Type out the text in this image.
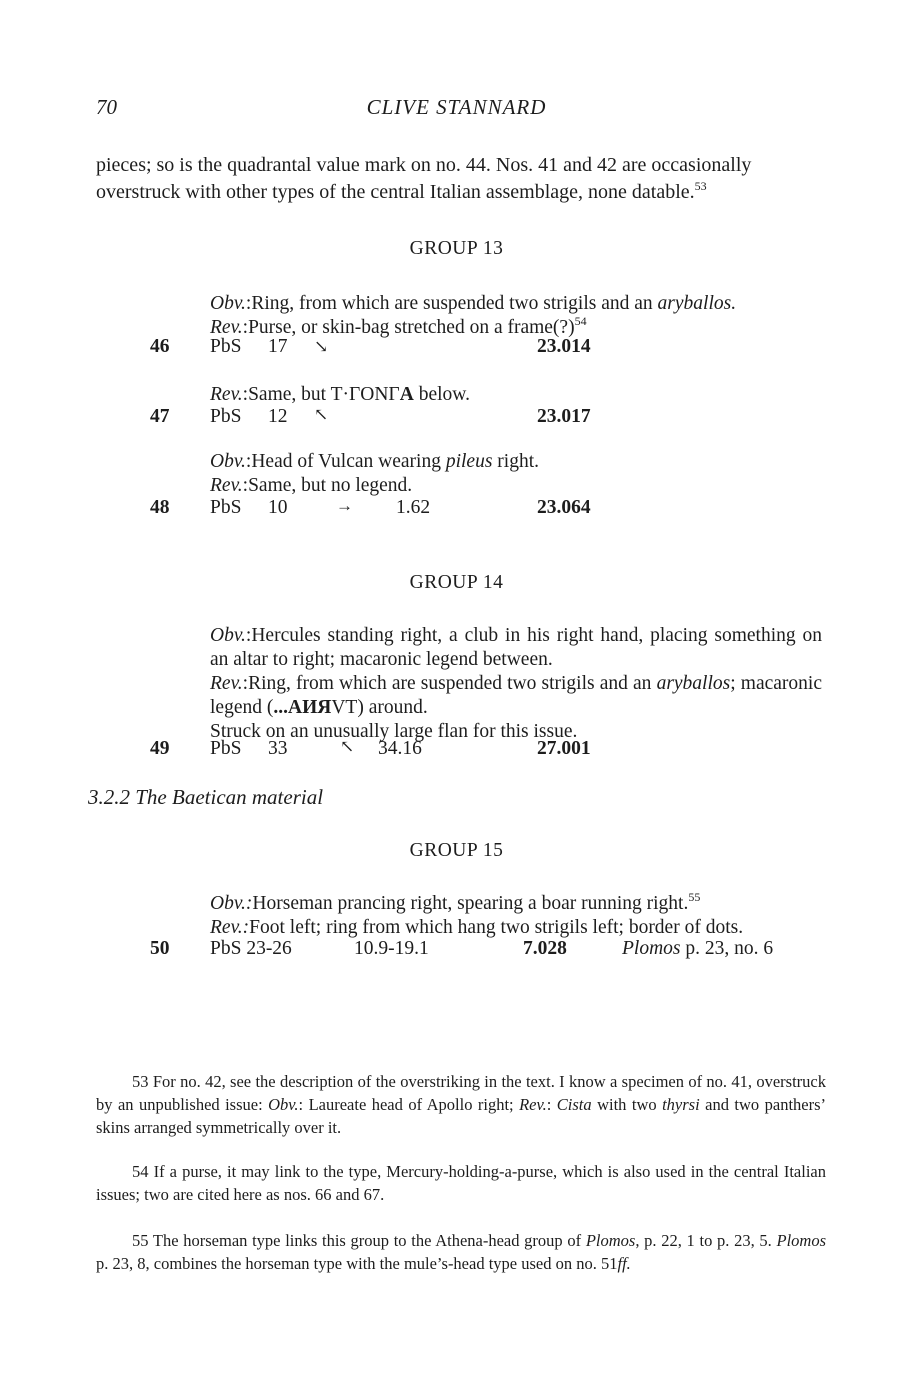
70	CLIVE STANNARD
pieces; so is the quadrantal value mark on no. 44. Nos. 41 and 42 are occasionally
overstruck with other types of the central Italian assemblage, none datable.$^{53}$
GROUP 13
Obv.:Ring, from which are suspended two strigils and an aryballos.
Rev.:Purse, or skin-bag stretched on a frame(?)$^{54}$
46 PbS 17 ↘	23.014
Rev.:Same, but T·ΓΟΝΓA below.
47 PbS 12 ↖	23.017
Obv.:Head of Vulcan wearing pileus right.
Rev.:Same, but no legend.
48 PbS 10	→ 1.62	23.064
GROUP 14
Obv.:Hercules standing right, a club in his right hand, placing something on an altar to right; macaronic legend between.
Rev.:Ring, from which are suspended two strigils and an aryballos; macaronic legend (...AИЯVT) around.
Struck on an unusually large flan for this issue.
49 PbS 33	↖ 34.16	27.001
3.2.2 The Baetican material
GROUP 15
Obv.:Horseman prancing right, spearing a boar running right.$^{55}$
Rev.:Foot left; ring from which hang two strigils left; border of dots.
50 PbS 23-26	10.9-19.1	7.028	Plomos p. 23, no. 6
53 For no. 42, see the description of the overstriking in the text. I know a specimen of no. 41, overstruck by an unpublished issue: Obv.: Laureate head of Apollo right; Rev.: Cista with two thyrsi and two panthers’ skins arranged symmetrically over it.
54 If a purse, it may link to the type, Mercury-holding-a-purse, which is also used in the central Italian issues; two are cited here as nos. 66 and 67.
55 The horseman type links this group to the Athena-head group of Plomos, p. 22, 1 to p. 23, 5. Plomos p. 23, 8, combines the horseman type with the mule’s-head type used on no. 51ff.
